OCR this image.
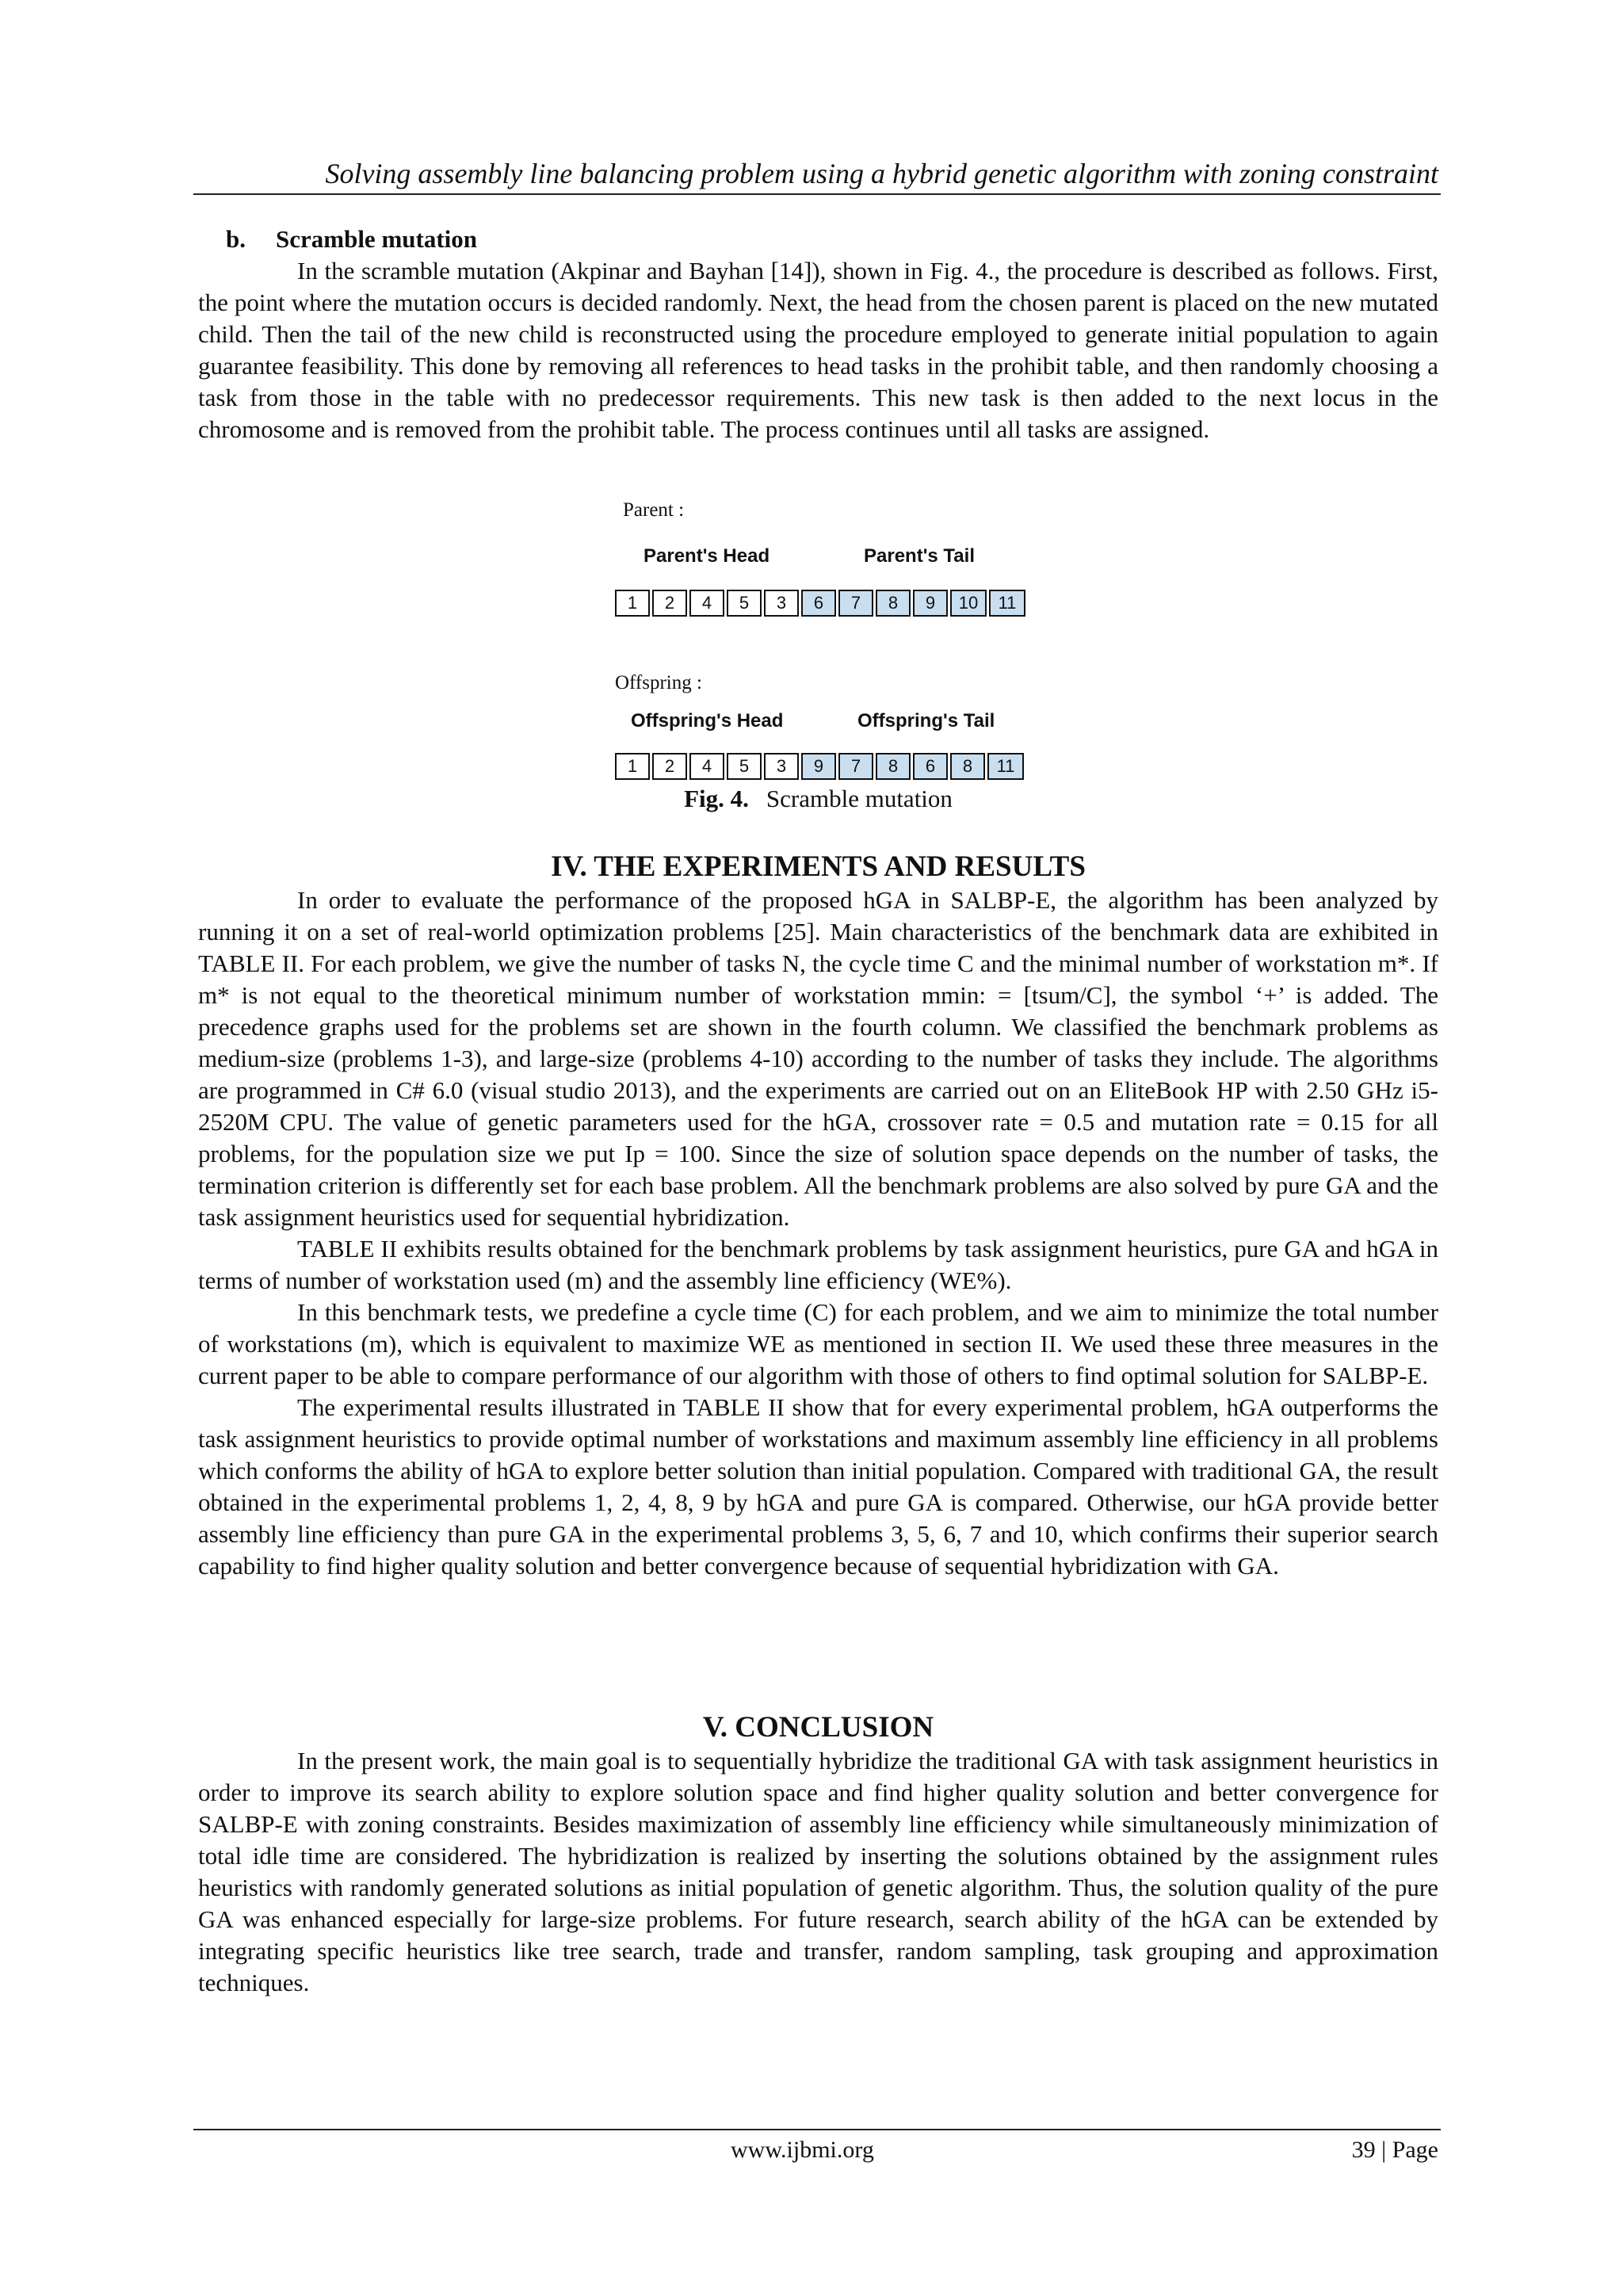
Solving assembly line balancing problem using a hybrid genetic algorithm with zoning constraint
b. Scramble mutation

In the scramble mutation (Akpinar and Bayhan [14]), shown in Fig. 4., the procedure is described as follows. First, the point where the mutation occurs is decided randomly. Next, the head from the chosen parent is placed on the new mutated child. Then the tail of the new child is reconstructed using the procedure employed to generate initial population to again guarantee feasibility. This done by removing all references to head tasks in the prohibit table, and then randomly choosing a task from those in the table with no predecessor requirements. This new task is then added to the next locus in the chromosome and is removed from the prohibit table. The process continues until all tasks are assigned.

Parent :
Parent's Head	Parent's Tail
1	2	4	5	3	6	7	8	9	10	11
Offspring :
Offspring's Head	Offspring's Tail
1	2	4	5	3	9	7	8	6	8	11
Fig. 4. Scramble mutation
IV. THE EXPERIMENTS AND RESULTS

In order to evaluate the performance of the proposed hGA in SALBP-E, the algorithm has been analyzed by running it on a set of real-world optimization problems [25]. Main characteristics of the benchmark data are exhibited in TABLE II. For each problem, we give the number of tasks N, the cycle time C and the minimal number of workstation m*. If m* is not equal to the theoretical minimum number of workstation mmin: = [tsum/C], the symbol ‘+’ is added. The precedence graphs used for the problems set are shown in the fourth column. We classified the benchmark problems as medium-size (problems 1-3), and large-size (problems 4-10) according to the number of tasks they include. The algorithms are programmed in C# 6.0 (visual studio 2013), and the experiments are carried out on an EliteBook HP with 2.50 GHz i5-2520M CPU. The value of genetic parameters used for the hGA, crossover rate = 0.5 and mutation rate = 0.15 for all problems, for the population size we put Ip = 100. Since the size of solution space depends on the number of tasks, the termination criterion is differently set for each base problem. All the benchmark problems are also solved by pure GA and the task assignment heuristics used for sequential hybridization.

TABLE II exhibits results obtained for the benchmark problems by task assignment heuristics, pure GA and hGA in terms of number of workstation used (m) and the assembly line efficiency (WE%).

In this benchmark tests, we predefine a cycle time (C) for each problem, and we aim to minimize the total number of workstations (m), which is equivalent to maximize WE as mentioned in section II. We used these three measures in the current paper to be able to compare performance of our algorithm with those of others to find optimal solution for SALBP-E.

The experimental results illustrated in TABLE II show that for every experimental problem, hGA outperforms the task assignment heuristics to provide optimal number of workstations and maximum assembly line efficiency in all problems which conforms the ability of hGA to explore better solution than initial population. Compared with traditional GA, the result obtained in the experimental problems 1, 2, 4, 8, 9 by hGA and pure GA is compared. Otherwise, our hGA provide better assembly line efficiency than pure GA in the experimental problems 3, 5, 6, 7 and 10, which confirms their superior search capability to find higher quality solution and better convergence because of sequential hybridization with GA.

V. CONCLUSION

In the present work, the main goal is to sequentially hybridize the traditional GA with task assignment heuristics in order to improve its search ability to explore solution space and find higher quality solution and better convergence for SALBP-E with zoning constraints. Besides maximization of assembly line efficiency while simultaneously minimization of total idle time are considered. The hybridization is realized by inserting the solutions obtained by the assignment rules heuristics with randomly generated solutions as initial population of genetic algorithm. Thus, the solution quality of the pure GA was enhanced especially for large-size problems. For future research, search ability of the hGA can be extended by integrating specific heuristics like tree search, trade and transfer, random sampling, task grouping and approximation techniques.

www.ijbmi.org	39 | Page
